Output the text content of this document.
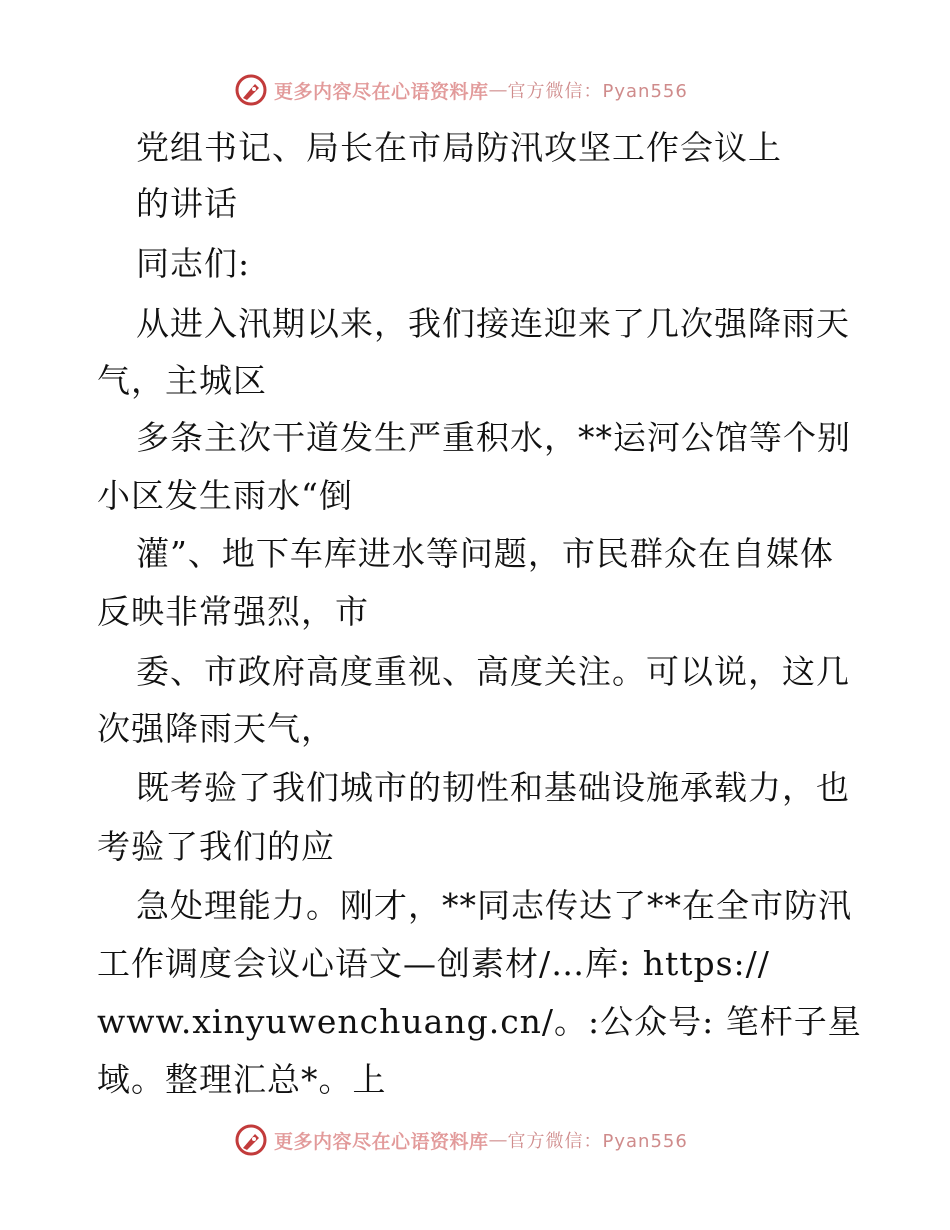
更多内容尽在心语资料库 — 官方微信：Pyan556
党组书记、局长在市局防汛攻坚工作会议上
的讲话
同志们:
从进入汛期以来，我们接连迎来了几次强降雨天
气，主城区
多条主次干道发生严重积水，**运河公馆等个别
小区发生雨水“倒
灌”、地下车库进水等问题，市民群众在自媒体
反映非常强烈，市
委、市政府高度重视、高度关注。可以说，这几
次强降雨天气，
既考验了我们城市的韧性和基础设施承载力，也
考验了我们的应
急处理能力。刚才，**同志传达了**在全市防汛
工作调度会议心语文—创素材/…库: https://
www.xinyuwenchuang.cn/。:公众号: 笔杆子星
域。整理汇总*。上
更多内容尽在心语资料库 — 官方微信：Pyan556
